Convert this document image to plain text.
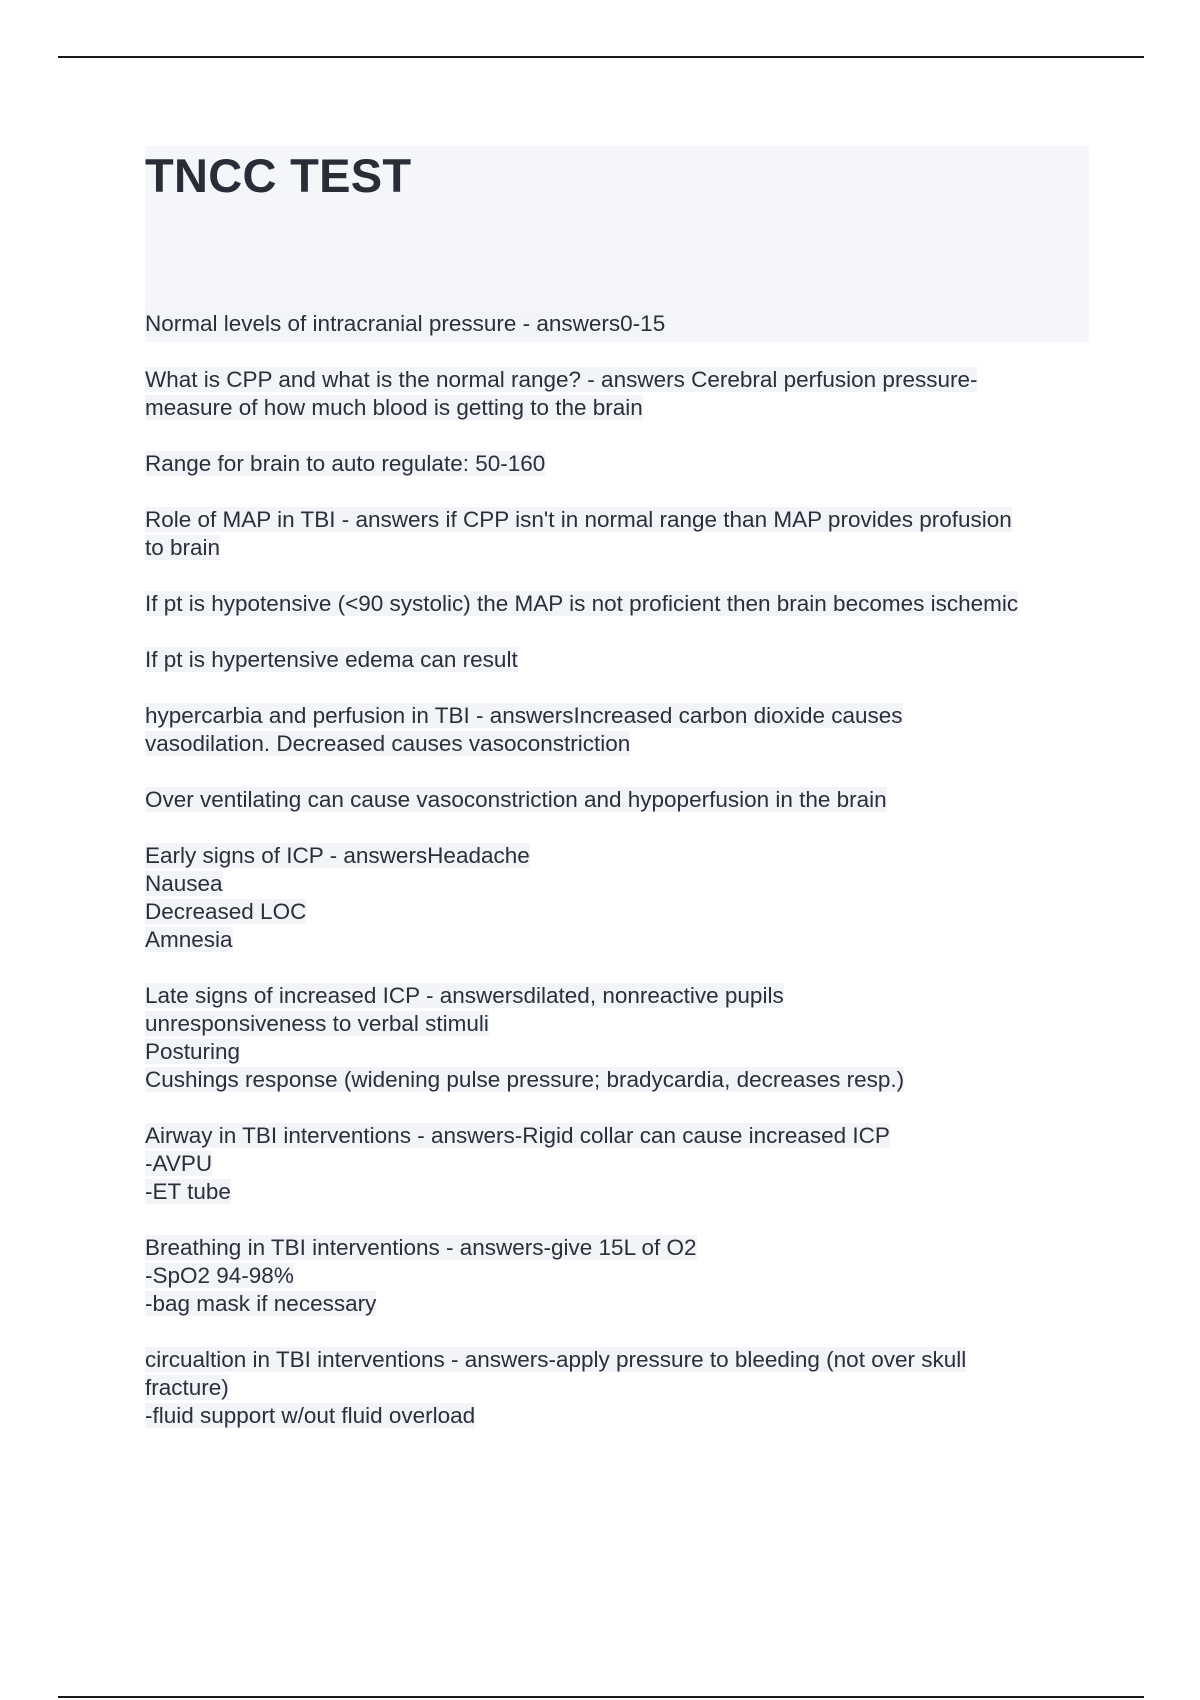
TNCC TEST

Normal levels of intracranial pressure - answers0-15

What is CPP and what is the normal range? - answers Cerebral perfusion pressure-
measure of how much blood is getting to the brain

Range for brain to auto regulate: 50-160

Role of MAP in TBI - answers if CPP isn't in normal range than MAP provides profusion
to brain

If pt is hypotensive (<90 systolic) the MAP is not proficient then brain becomes ischemic

If pt is hypertensive edema can result

hypercarbia and perfusion in TBI - answersIncreased carbon dioxide causes
vasodilation. Decreased causes vasoconstriction

Over ventilating can cause vasoconstriction and hypoperfusion in the brain

Early signs of ICP - answersHeadache
Nausea
Decreased LOC
Amnesia

Late signs of increased ICP - answersdilated, nonreactive pupils
unresponsiveness to verbal stimuli
Posturing
Cushings response (widening pulse pressure; bradycardia, decreases resp.)

Airway in TBI interventions - answers-Rigid collar can cause increased ICP
-AVPU
-ET tube

Breathing in TBI interventions - answers-give 15L of O2
-SpO2 94-98%
-bag mask if necessary

circualtion in TBI interventions - answers-apply pressure to bleeding (not over skull
fracture)
-fluid support w/out fluid overload
